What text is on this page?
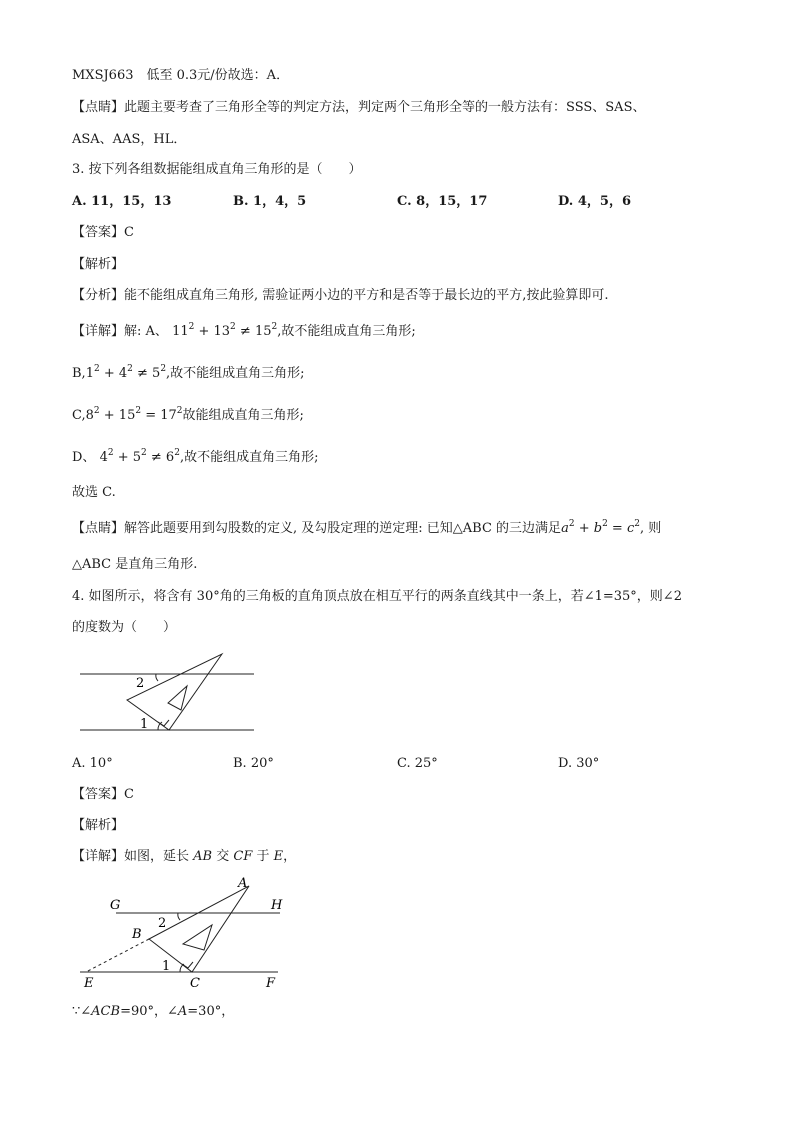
MXSJ663　低至 0.3元/份故选：A．
【点睛】此题主要考查了三角形全等的判定方法，判定两个三角形全等的一般方法有：SSS、SAS、
ASA、AAS，HL．
3. 按下列各组数据能组成直角三角形的是（　　）
A. 11，15，13	B. 1，4，5	C. 8，15，17	D. 4，5，6
【答案】C
【解析】
【分析】能不能组成直角三角形, 需验证两小边的平方和是否等于最长边的平方,按此验算即可.
【详解】解: A、 $11^2 + 13^2 \ne 15^2$,故不能组成直角三角形;
$B,1^2 + 4^2 \ne 5^2$,故不能组成直角三角形;
$C,8^2 + 15^2 = 17^2$故能组成直角三角形;
D、 $4^2 + 5^2 \ne 6^2$,故不能组成直角三角形;
故选 C.
【点睛】解答此题要用到勾股数的定义, 及勾股定理的逆定理: 已知△ABC 的三边满足$a^2 + b^2 = c^2$, 则
△ABC 是直角三角形.
4. 如图所示，将含有 30°角的三角板的直角顶点放在相互平行的两条直线其中一条上，若∠1=35°，则∠2
的度数为（　　）
2
1
A. 10°	B. 20°	C. 25°	D. 30°
【答案】C
【解析】
【详解】如图，延长 AB 交 CF 于 E，
A
G	H
B
2
1
E	C	F
∵∠ACB=90°，∠A=30°，
